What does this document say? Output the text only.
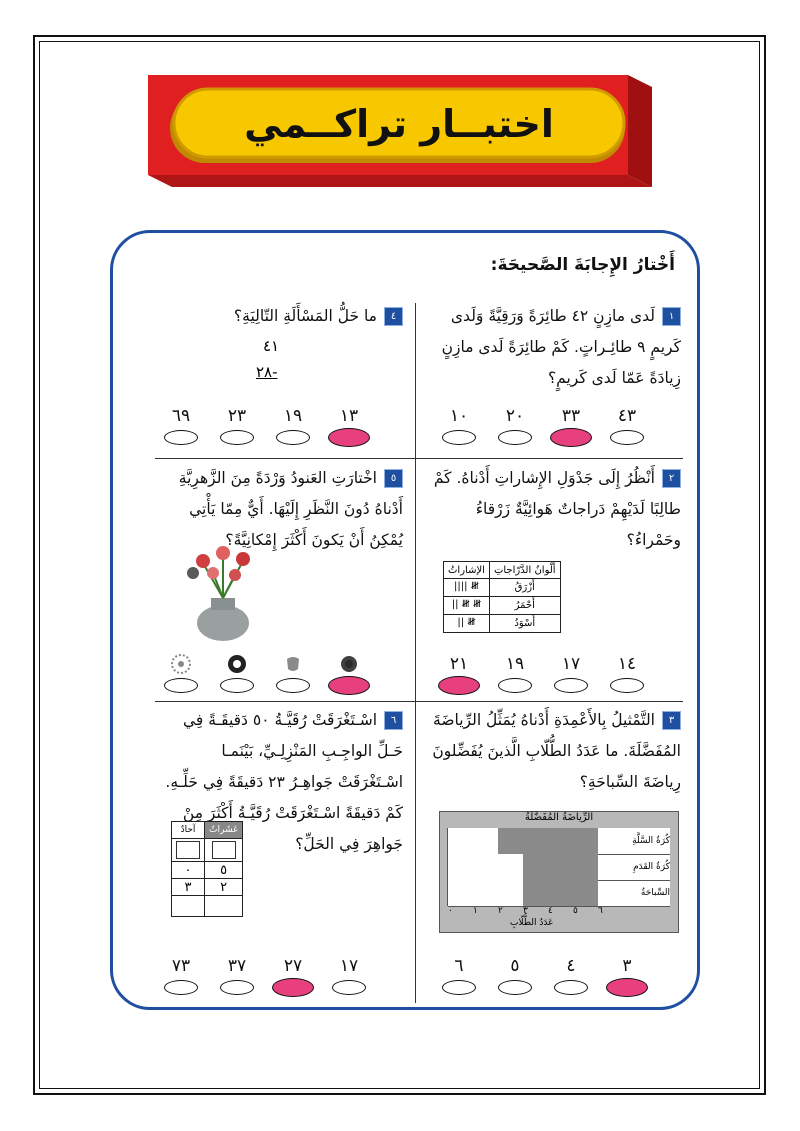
اختبــار تراكــمي
أَخْتارُ الإِجابَةَ الصَّحيحَةَ:
١لَدى مازِنٍ ٤٢ طائِرَةً وَرَقِيَّةً وَلَدى كَريمٍ ٩ طائِـراتٍ. كَمْ طائِرَةً لَدى مازِنٍ زِيادَةً عَمّا لَدى كَريمٍ؟
٤٣
٣٣
٢٠
١٠
٤ما حَلُّ المَسْأَلَةِ التّالِيَةِ؟
٤١
٢٨-
١٣
١٩
٢٣
٦٩
٢أَنْظُرُ إِلَى جَدْوَلِ الإِشاراتِ أَدْناهُ. كَمْ طالِبًا لَدَيْهِمْ دَراجاتٌ هَوائِيَّةٌ زَرْقاءُ وحَمْراءُ؟
أَلْوانُ الدَّرّاجاتِ	الإشاراتُ
أَزْرَقُ	𝍸 ||||
أَحْمَرُ	𝍸 𝍸 ||
أَسْوَدُ	𝍸 ||
١٤
١٧
١٩
٢١
٥اخْتارَتِ العَنودُ وَرْدَةً مِنَ الزَّهرِيَّةِ أَدْناهُ دُونَ النَّظَرِ إِلَيْهَا. أَيٌّ مِمّا يَأْتِي يُمْكِنُ أَنْ يَكونَ أَكْثَرَ إِمْكانِيَّةً؟
٣التَّمْثيلُ بِالأَعْمِدَةِ أَدْناهُ يُمَثِّلُ الرِّياضَةَ المُفَضَّلَةَ. ما عَدَدُ الطُّلّابِ الَّذينَ يُفَضِّلونَ رِياضَةَ السِّباحَةِ؟
الرِّياضَةُ المُفَضَّلَةُ
كُرَةُ السَّلَّةِ
كُرَةُ القَدَمِ
السِّباحَةُ
٠ ١ ٢ ٣ ٤ ٥ ٦
عَدَدُ الطُّلّابِ
٣
٤
٥
٦
٦اسْـتَغْرَقَتْ رُقَيَّـةُ ٥٠ دَقيقَـةً فِي حَـلِّ الواجِـبِ المَنْزِلِـيِّ، بَيْنَمـا اسْـتَغْرَقَتْ جَواهِـرُ ٢٣ دَقيقَةً فِي حَلِّـهِ. كَمْ دَقيقَةً اسْـتَغْرَقَتْ رُقَيَّـةُ أَكْثَرَ مِنْ جَواهِرَ فِي الحَلِّ؟
عَشَراتٌ	آحادٌ

٥	٠
٢	٣

١٧
٢٧
٣٧
٧٣
